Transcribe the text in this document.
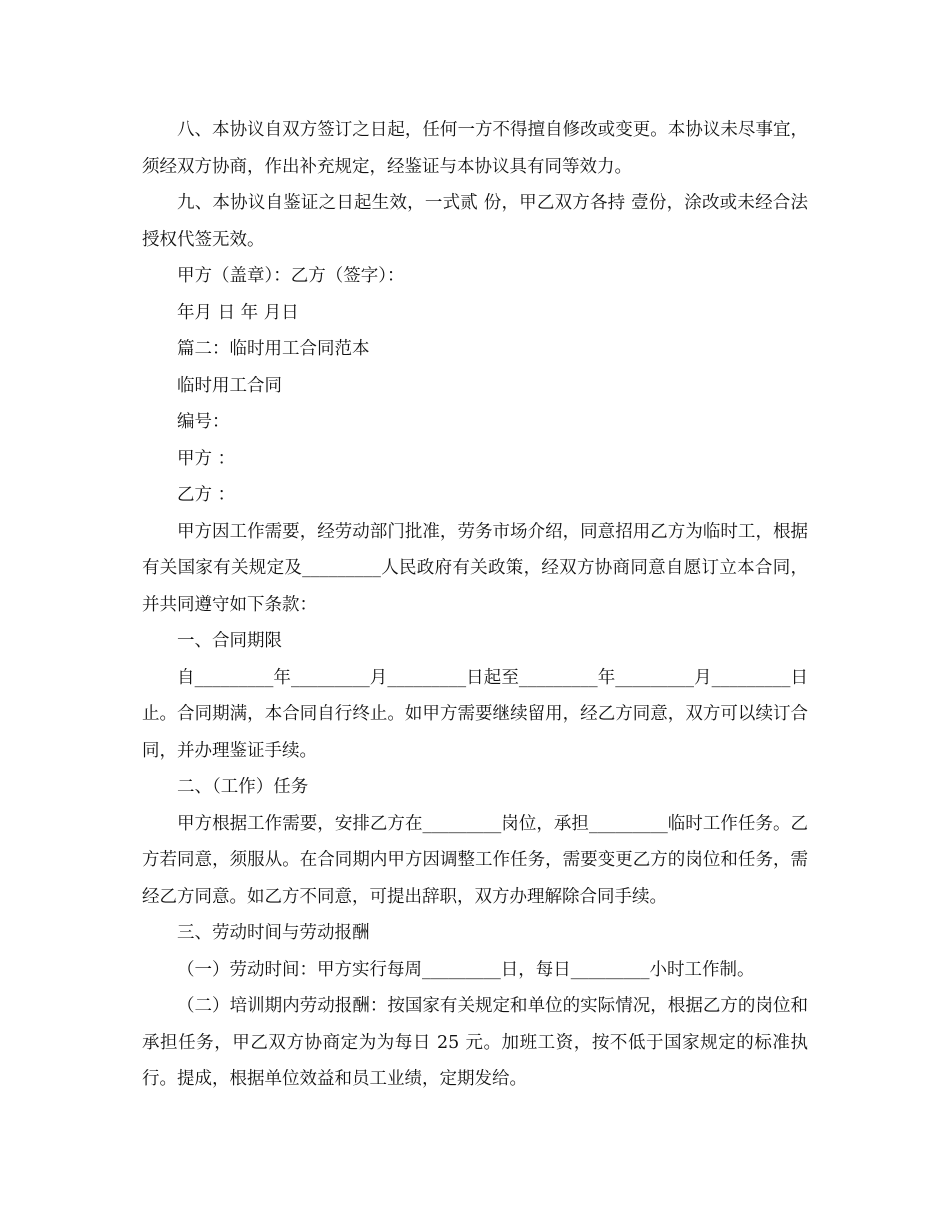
八、本协议自双方签订之日起，任何一方不得擅自修改或变更。本协议未尽事宜，须经双方协商，作出补充规定，经鉴证与本协议具有同等效力。

九、本协议自鉴证之日起生效，一式贰 份，甲乙双方各持 壹份，涂改或未经合法授权代签无效。

甲方（盖章）：乙方（签字）：

年月 日 年 月日

篇二：临时用工合同范本

临时用工合同

编号：

甲方 ：

乙方 ：

甲方因工作需要，经劳动部门批准，劳务市场介绍，同意招用乙方为临时工，根据有关国家有关规定及_________人民政府有关政策，经双方协商同意自愿订立本合同，并共同遵守如下条款：

一、合同期限

自_________年_________月_________日起至_________年_________月_________日止。合同期满，本合同自行终止。如甲方需要继续留用，经乙方同意，双方可以续订合同，并办理鉴证手续。

二、（工作）任务

甲方根据工作需要，安排乙方在_________岗位，承担_________临时工作任务。乙方若同意，须服从。在合同期内甲方因调整工作任务，需要变更乙方的岗位和任务，需经乙方同意。如乙方不同意，可提出辞职，双方办理解除合同手续。

三、劳动时间与劳动报酬

（一）劳动时间：甲方实行每周_________日，每日_________小时工作制。

（二）培训期内劳动报酬：按国家有关规定和单位的实际情况，根据乙方的岗位和承担任务，甲乙双方协商定为为每日 25 元。加班工资，按不低于国家规定的标准执行。提成，根据单位效益和员工业绩，定期发给。
